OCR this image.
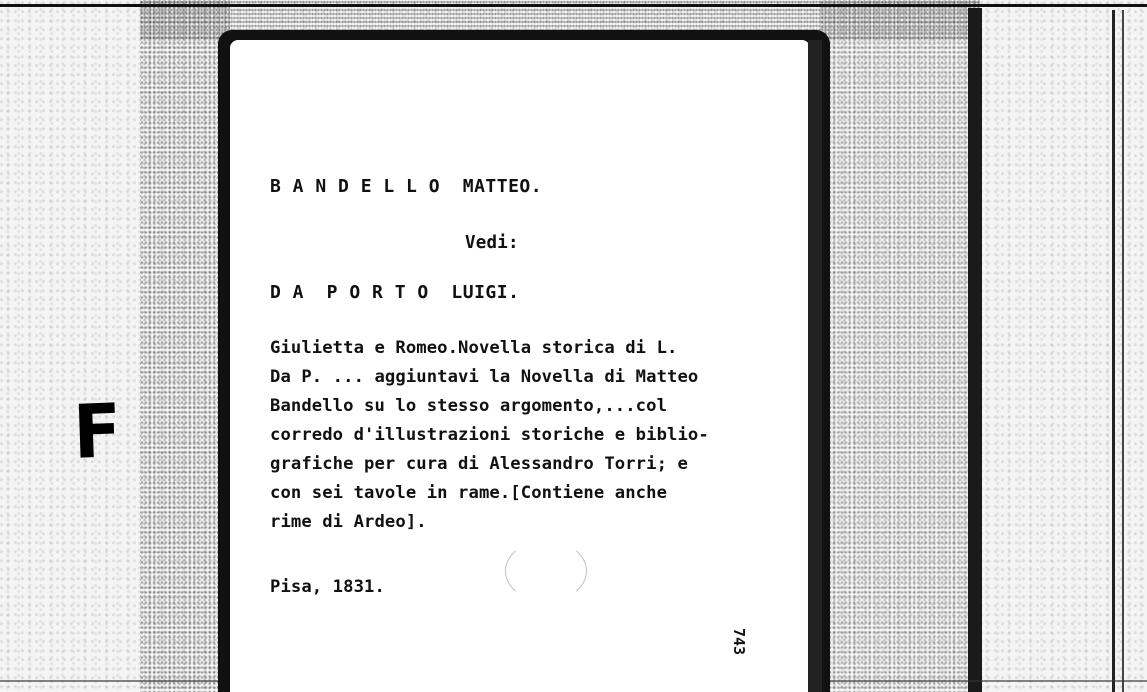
F
B A N D E L L O  MATTEO.
Vedi:
D A  P O R T O  LUIGI.
Giulietta e Romeo.Novella storica di L.
Da P. ... aggiuntavi la Novella di Matteo
Bandello su lo stesso argomento,...col
corredo d'illustrazioni storiche e biblio-
grafiche per cura di Alessandro Torri; e
con sei tavole in rame.[Contiene anche
rime di Ardeo].
Pisa, 1831.
743
